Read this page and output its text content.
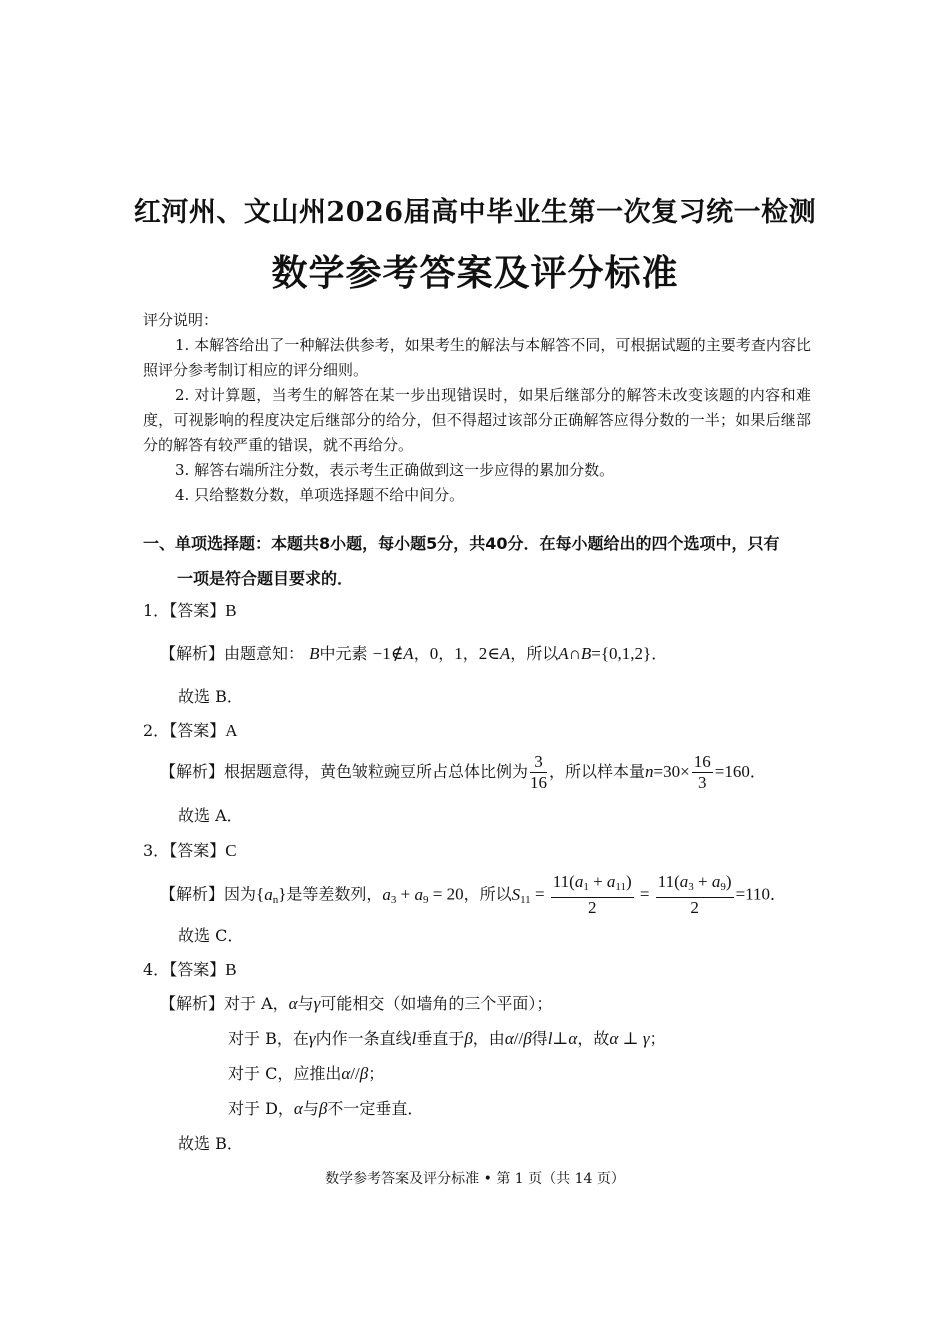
红河州、文山州2026届高中毕业生第一次复习统一检测
数学参考答案及评分标准
评分说明：
1. 本解答给出了一种解法供参考，如果考生的解法与本解答不同，可根据试题的主要考查内容比照评分参考制订相应的评分细则。
2. 对计算题，当考生的解答在某一步出现错误时，如果后继部分的解答未改变该题的内容和难度，可视影响的程度决定后继部分的给分，但不得超过该部分正确解答应得分数的一半；如果后继部分的解答有较严重的错误，就不再给分。
3. 解答右端所注分数，表示考生正确做到这一步应得的累加分数。
4. 只给整数分数，单项选择题不给中间分。
一、单项选择题：本题共8小题，每小题5分，共40分．在每小题给出的四个选项中，只有
一项是符合题目要求的．
1．【答案】B
【解析】由题意知： B中元素 −1∉A，0，1，2∈A，所以A∩B={0,1,2}．
故选 B．
2．【答案】A
【解析】根据题意得，黄色皱粒豌豆所占总体比例为 $\frac{3}{16}$ ，所以样本量$n=30\times \frac{16}{3} =160$．
故选 A．
3．【答案】C
【解析】因为$\{a_n\}$是等差数列，$a_3 + a_9 = 20$，所以$S_{11} = \frac{11(a_1 + a_{11})}{2} = \frac{11(a_3 + a_9)}{2} =110$．
故选 C．
4．【答案】B
【解析】对于 A，α与γ可能相交（如墙角的三个平面）；
对于 B，在γ内作一条直线l垂直于β，由α//β得l⊥α，故α ⊥ γ；
对于 C，应推出α//β；
对于 D，α与β不一定垂直．
故选 B．
数学参考答案及评分标准 • 第 1 页（共 14 页）
